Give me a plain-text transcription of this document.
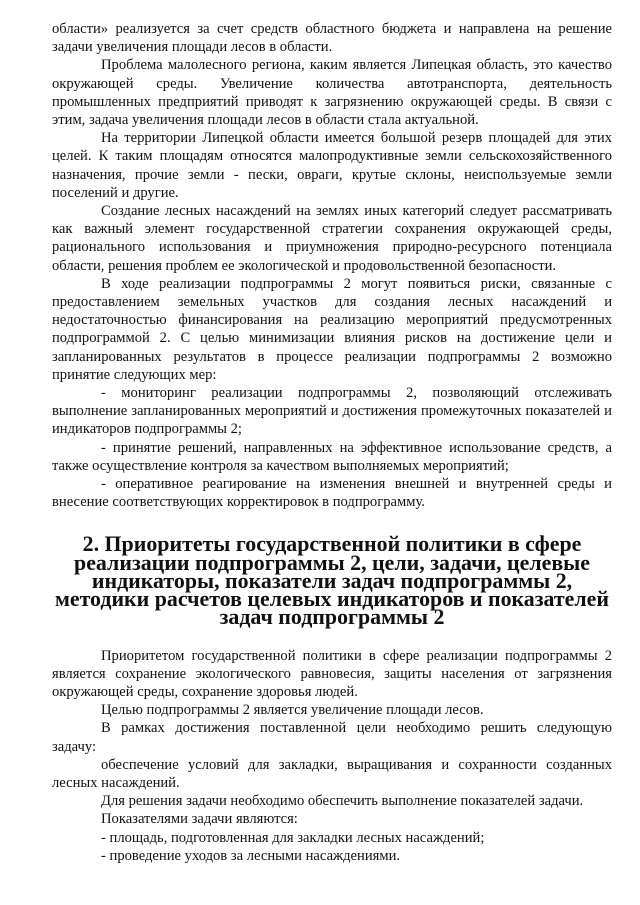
области» реализуется за счет средств областного бюджета и направлена на решение задачи увеличения площади лесов в области.

Проблема малолесного региона, каким является Липецкая область, это качество окружающей среды. Увеличение количества автотранспорта, деятельность промышленных предприятий приводят к загрязнению окружающей среды. В связи с этим, задача увеличения площади лесов в области стала актуальной.

На территории Липецкой области имеется большой резерв площадей для этих целей. К таким площадям относятся малопродуктивные земли сельскохозяйственного назначения, прочие земли - пески, овраги, крутые склоны, неиспользуемые земли поселений и другие.

Создание лесных насаждений на землях иных категорий следует рассматривать как важный элемент государственной стратегии сохранения окружающей среды, рационального использования и приумножения природно-ресурсного потенциала области, решения проблем ее экологической и продовольственной безопасности.

В ходе реализации подпрограммы 2 могут появиться риски, связанные с предоставлением земельных участков для создания лесных насаждений и недостаточностью финансирования на реализацию мероприятий предусмотренных подпрограммой 2. С целью минимизации влияния рисков на достижение цели и запланированных результатов в процессе реализации подпрограммы 2 возможно принятие следующих мер:

- мониторинг реализации подпрограммы 2, позволяющий отслеживать выполнение запланированных мероприятий и достижения промежуточных показателей и индикаторов подпрограммы 2;

- принятие решений, направленных на эффективное использование средств, а также осуществление контроля за качеством выполняемых мероприятий;

- оперативное реагирование на изменения внешней и внутренней среды и внесение соответствующих корректировок в подпрограмму.

2. Приоритеты государственной политики в сфере реализации подпрограммы 2, цели, задачи, целевые индикаторы, показатели задач подпрограммы 2, методики расчетов целевых индикаторов и показателей задач подпрограммы 2

Приоритетом государственной политики в сфере реализации подпрограммы 2 является сохранение экологического равновесия, защиты населения от загрязнения окружающей среды, сохранение здоровья людей.

Целью подпрограммы 2 является увеличение площади лесов.

В рамках достижения поставленной цели необходимо решить следующую задачу:

обеспечение условий для закладки, выращивания и сохранности созданных лесных насаждений.

Для решения задачи необходимо обеспечить выполнение показателей задачи.

Показателями задачи являются:

- площадь, подготовленная для закладки лесных насаждений;

- проведение уходов за лесными насаждениями.
